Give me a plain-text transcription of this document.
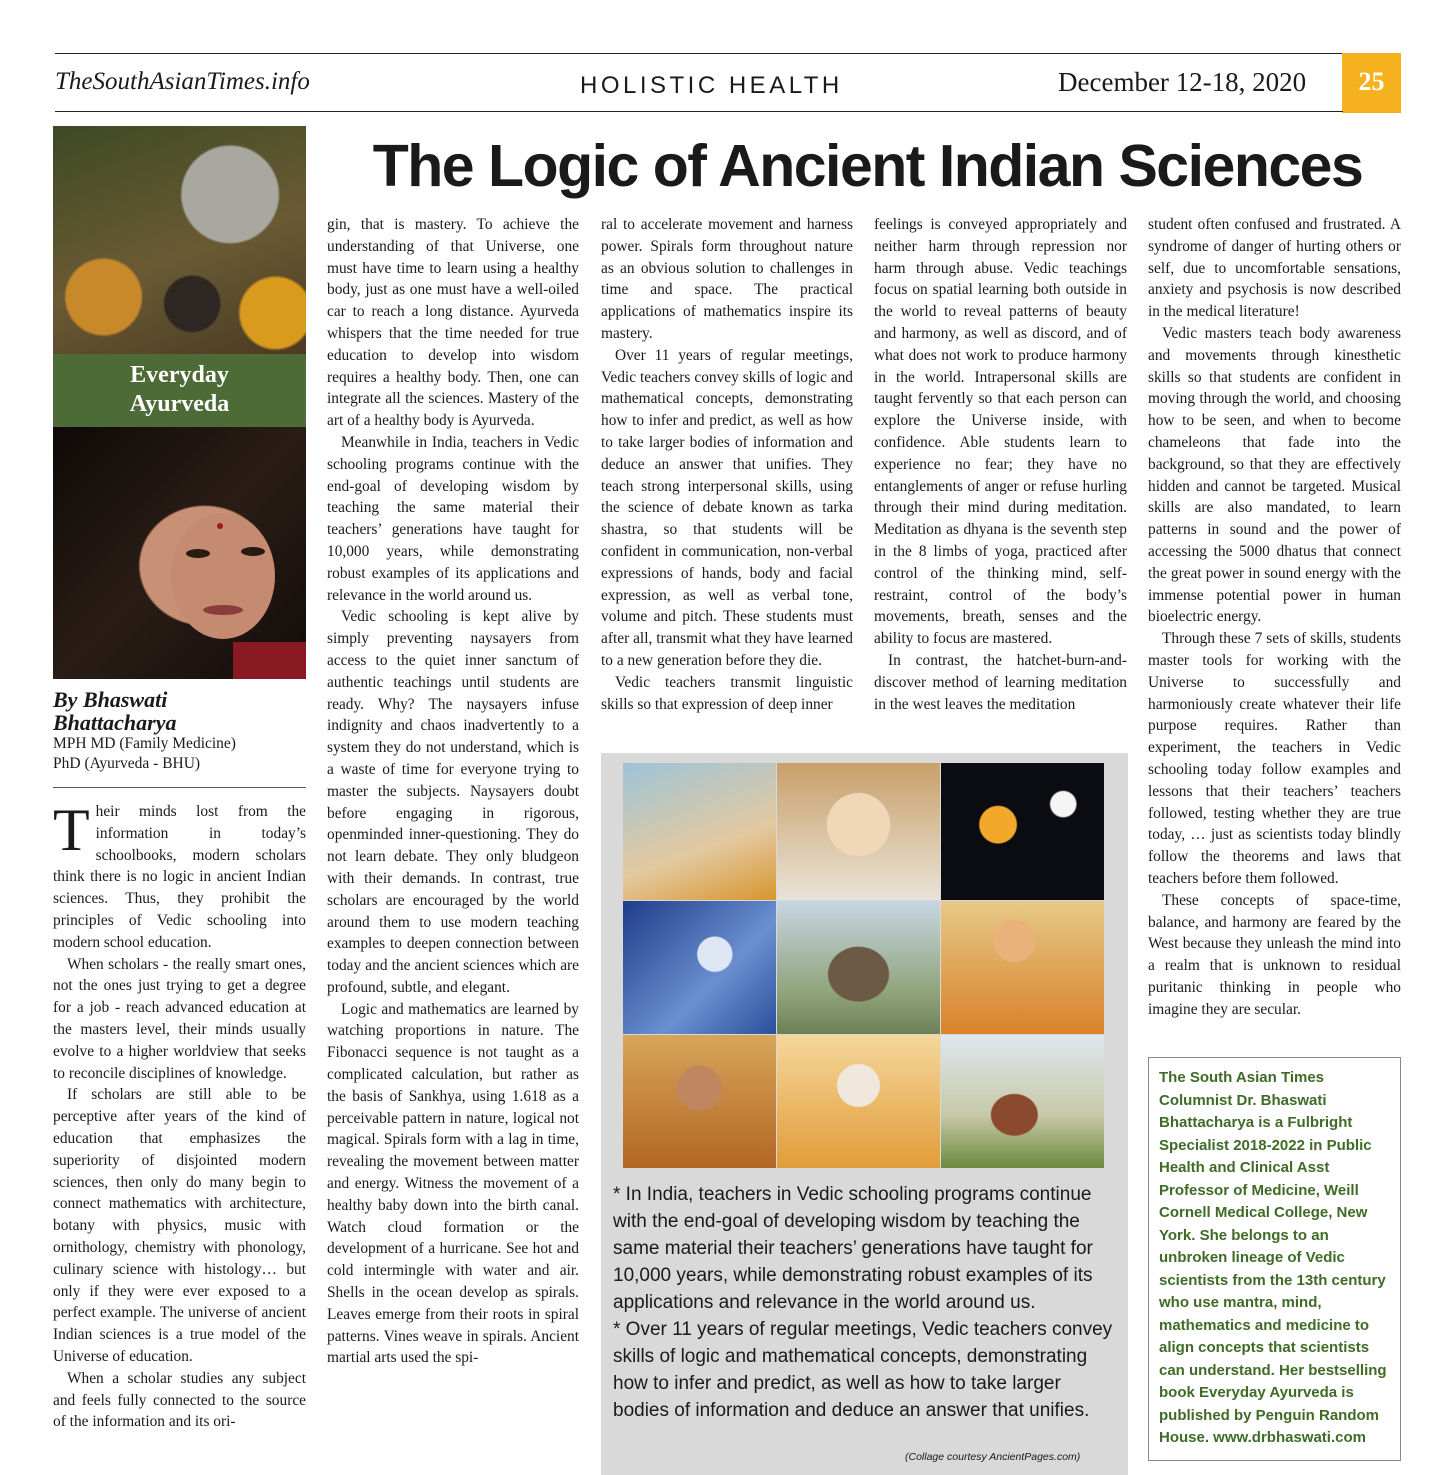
TheSouthAsianTimes.info	HOLISTIC HEALTH	December 12-18, 2020	25
The Logic of Ancient Indian Sciences
Everyday
Ayurveda
By Bhaswati
Bhattacharya
MPH MD (Family Medicine)
PhD (Ayurveda - BHU)

Their minds lost from the information in today’s schoolbooks, modern scholars think there is no logic in ancient Indian sciences. Thus, they prohibit the principles of Vedic schooling into modern school education.

When scholars - the really smart ones, not the ones just trying to get a degree for a job - reach advanced education at the masters level, their minds usually evolve to a higher worldview that seeks to reconcile disciplines of knowledge.

If scholars are still able to be perceptive after years of the kind of education that emphasizes the superiority of disjointed modern sciences, then only do many begin to connect mathematics with architecture, botany with physics, music with ornithology, chemistry with phonology, culinary science with histology… but only if they were ever exposed to a perfect example. The universe of ancient Indian sciences is a true model of the Universe of education.

When a scholar studies any subject and feels fully connected to the source of the information and its ori-

gin, that is mastery. To achieve the understanding of that Universe, one must have time to learn using a healthy body, just as one must have a well-oiled car to reach a long distance. Ayurveda whispers that the time needed for true education to develop into wisdom requires a healthy body. Then, one can integrate all the sciences. Mastery of the art of a healthy body is Ayurveda.

Meanwhile in India, teachers in Vedic schooling programs continue with the end-goal of developing wisdom by teaching the same material their teachers’ generations have taught for 10,000 years, while demonstrating robust examples of its applications and relevance in the world around us.

Vedic schooling is kept alive by simply preventing naysayers from access to the quiet inner sanctum of authentic teachings until students are ready. Why? The naysayers infuse indignity and chaos inadvertently to a system they do not understand, which is a waste of time for everyone trying to master the subjects. Naysayers doubt before engaging in rigorous, openminded inner-questioning. They do not learn debate. They only bludgeon with their demands. In contrast, true scholars are encouraged by the world around them to use modern teaching examples to deepen connection between today and the ancient sciences which are profound, subtle, and elegant.

Logic and mathematics are learned by watching proportions in nature. The Fibonacci sequence is not taught as a complicated calculation, but rather as the basis of Sankhya, using 1.618 as a perceivable pattern in nature, logical not magical. Spirals form with a lag in time, revealing the movement between matter and energy. Witness the movement of a healthy baby down into the birth canal. Watch cloud formation or the development of a hurricane. See hot and cold intermingle with water and air. Shells in the ocean develop as spirals. Leaves emerge from their roots in spiral patterns. Vines weave in spirals. Ancient martial arts used the spi-

ral to accelerate movement and harness power. Spirals form throughout nature as an obvious solution to challenges in time and space. The practical applications of mathematics inspire its mastery.

Over 11 years of regular meetings, Vedic teachers convey skills of logic and mathematical concepts, demonstrating how to infer and predict, as well as how to take larger bodies of information and deduce an answer that unifies. They teach strong interpersonal skills, using the science of debate known as tarka shastra, so that students will be confident in communication, non-verbal expressions of hands, body and facial expression, as well as verbal tone, volume and pitch. These students must after all, transmit what they have learned to a new generation before they die.

Vedic teachers transmit linguistic skills so that expression of deep inner

feelings is conveyed appropriately and neither harm through repression nor harm through abuse. Vedic teachings focus on spatial learning both outside in the world to reveal patterns of beauty and harmony, as well as discord, and of what does not work to produce harmony in the world. Intrapersonal skills are taught fervently so that each person can explore the Universe inside, with confidence. Able students learn to experience no fear; they have no entanglements of anger or refuse hurling through their mind during meditation. Meditation as dhyana is the seventh step in the 8 limbs of yoga, practiced after control of the thinking mind, self-restraint, control of the body’s movements, breath, senses and the ability to focus are mastered.

In contrast, the hatchet-burn-and-discover method of learning meditation in the west leaves the meditation

student often confused and frustrated. A syndrome of danger of hurting others or self, due to uncomfortable sensations, anxiety and psychosis is now described in the medical literature!

Vedic masters teach body awareness and movements through kinesthetic skills so that students are confident in moving through the world, and choosing how to be seen, and when to become chameleons that fade into the background, so that they are effectively hidden and cannot be targeted. Musical skills are also mandated, to learn patterns in sound and the power of accessing the 5000 dhatus that connect the great power in sound energy with the immense potential power in human bioelectric energy.

Through these 7 sets of skills, students master tools for working with the Universe to successfully and harmoniously create whatever their life purpose requires. Rather than experiment, the teachers in Vedic schooling today follow examples and lessons that their teachers’ teachers followed, testing whether they are true today, … just as scientists today blindly follow the theorems and laws that teachers before them followed.

These concepts of space-time, balance, and harmony are feared by the West because they unleash the mind into a realm that is unknown to residual puritanic thinking in people who imagine they are secular.

* In India, teachers in Vedic schooling programs continue with the end-goal of developing wisdom by teaching the same material their teachers’ generations have taught for 10,000 years, while demonstrating robust examples of its applications and relevance in the world around us.
* Over 11 years of regular meetings, Vedic teachers convey skills of logic and mathematical concepts, demonstrating how to infer and predict, as well as how to take larger bodies of information and deduce an answer that unifies.
(Collage courtesy AncientPages.com)
The South Asian Times Columnist Dr. Bhaswati Bhattacharya is a Fulbright Specialist 2018-2022 in Public Health and Clinical Asst Professor of Medicine, Weill Cornell Medical College, New York. She belongs to an unbroken lineage of Vedic scientists from the 13th century who use mantra, mind, mathematics and medicine to align concepts that scientists can understand. Her bestselling book Everyday Ayurveda is published by Penguin Random House. www.drbhaswati.com
